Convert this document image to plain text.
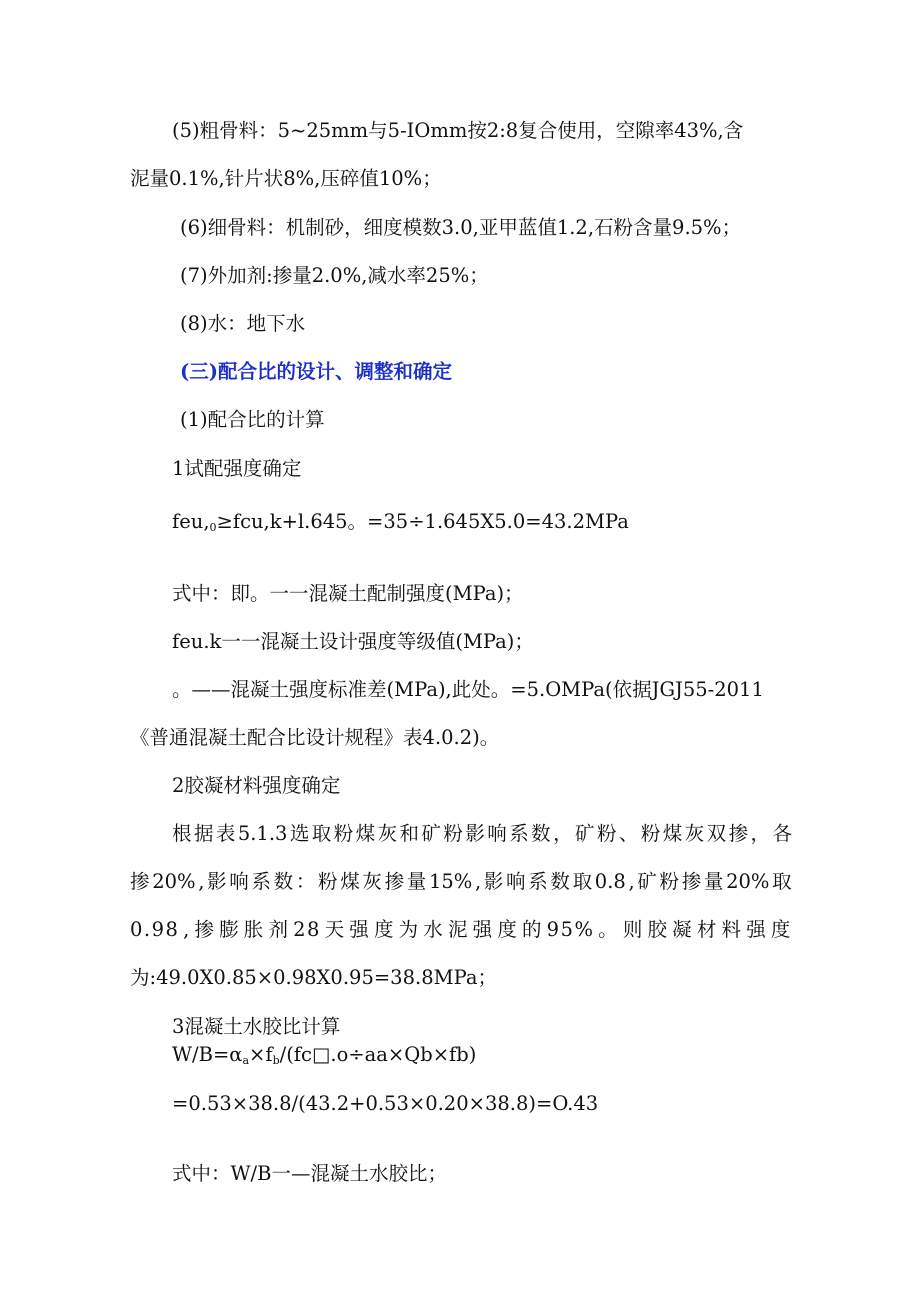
(5)粗骨料：5~25mm与5-IOmm按2:8复合使用，空隙率43%,含
泥量0.1%,针片状8%,压碎值10%；
(6)细骨料：机制砂，细度模数3.0,亚甲蓝值1.2,石粉含量9.5%；
(7)外加剂:掺量2.0%,减水率25%；
(8)水：地下水
(三)配合比的设计、调整和确定
(1)配合比的计算
1试配强度确定
$feu,_0\ge fcu,k+l.645$。=35÷1.645X5.0=43.2MPa
式中：即。一一混凝土配制强度(MPa)；
feu.k一一混凝土设计强度等级值(MPa)；
。——混凝土强度标准差(MPa),此处。=5.OMPa(依据JGJ55-2011
《普通混凝土配合比设计规程》表4.0.2)。
2胶凝材料强度确定
根 据 表 5.1.3 选 取 粉 煤 灰 和 矿 粉 影 响 系 数 ， 矿 粉 、 粉 煤 灰 双 掺 ， 各
掺 20% , 影 响 系 数 ： 粉 煤 灰 掺 量 15% , 影 响 系 数 取 0.8 , 矿 粉 掺 量 20% 取
0.98 , 掺 膨 胀 剂 28 天 强 度 为 水 泥 强 度 的 95% 。 则 胶 凝 材 料 强 度
为:49.0X0.85×0.98X0.95=38.8MPa；
3混凝土水胶比计算
$W/B=\alpha_a\times f_b/(fc□.o\div aa\times Qb\times fb)$
=0.53×38.8/(43.2+0.53×0.20×38.8)=O.43
式中：W/B一—混凝土水胶比；
